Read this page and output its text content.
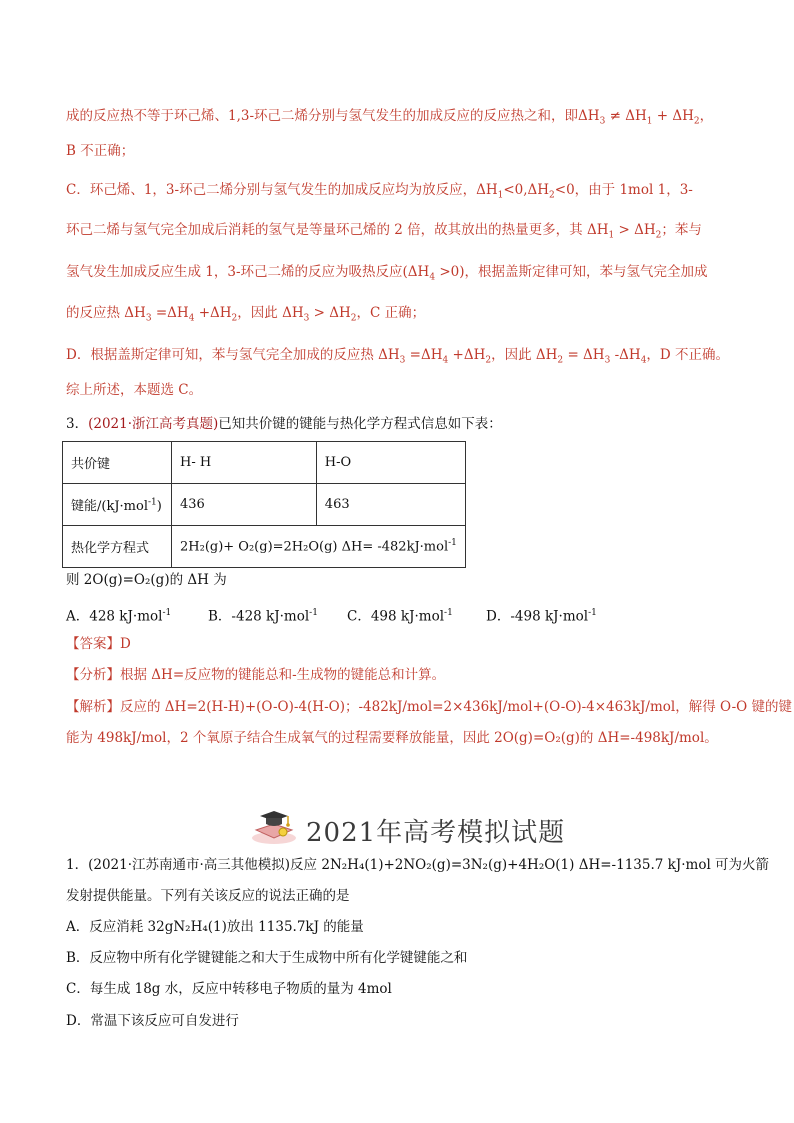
成的反应热不等于环己烯、1,3-环己二烯分别与氢气发生的加成反应的反应热之和，即$\Delta H_3 \ne \Delta H_1 + \Delta H_2$，
B 不正确；
C．环己烯、1，3-环己二烯分别与氢气发生的加成反应均为放反应，$\Delta H_1<0,\Delta H_2<0$，由于 1mol 1，3-
环己二烯与氢气完全加成后消耗的氢气是等量环己烯的 2 倍，故其放出的热量更多，其 $\Delta H_1 > \Delta H_2$；苯与
氢气发生加成反应生成 1，3-环己二烯的反应为吸热反应$(\Delta H_4 >0)$，根据盖斯定律可知，苯与氢气完全加成
的反应热 $\Delta H_3 =\Delta H_4 +\Delta H_2$，因此 $\Delta H_3 > \Delta H_2$，C 正确；
D．根据盖斯定律可知，苯与氢气完全加成的反应热 $\Delta H_3 =\Delta H_4 +\Delta H_2$，因此 $\Delta H_2 = \Delta H_3$ $-\Delta H_4$，D 不正确。
综上所述，本题选 C。
3．(2021·浙江高考真题)已知共价键的键能与热化学方程式信息如下表：
共价键	H- H	H-O
键能/(kJ·mol$^{-1}$)	436	463
热化学方程式	2H₂(g)+ O₂(g)=2H₂O(g) ΔH= -482kJ·mol$^{-1}$
则 2O(g)=O₂(g)的 ΔH 为
A．428 kJ·mol$^{-1}$	B．-428 kJ·mol$^{-1}$ C．498 kJ·mol$^{-1}$ D．-498 kJ·mol$^{-1}$
【答案】D
【分析】根据 ΔH=反应物的键能总和-生成物的键能总和计算。
【解析】反应的 ΔH=2(H-H)+(O-O)-4(H-O)；-482kJ/mol=2×436kJ/mol+(O-O)-4×463kJ/mol，解得 O-O 键的键
能为 498kJ/mol，2 个氧原子结合生成氧气的过程需要释放能量，因此 2O(g)=O₂(g)的 ΔH=-498kJ/mol。
2021年高考模拟试题
1．(2021·江苏南通市·高三其他模拟)反应 2N₂H₄(1)+2NO₂(g)=3N₂(g)+4H₂O(1) ΔH=-1135.7 kJ·mol 可为火箭
发射提供能量。下列有关该反应的说法正确的是
A．反应消耗 32gN₂H₄(1)放出 1135.7kJ 的能量
B．反应物中所有化学键键能之和大于生成物中所有化学键键能之和
C．每生成 18g 水，反应中转移电子物质的量为 4mol
D．常温下该反应可自发进行
